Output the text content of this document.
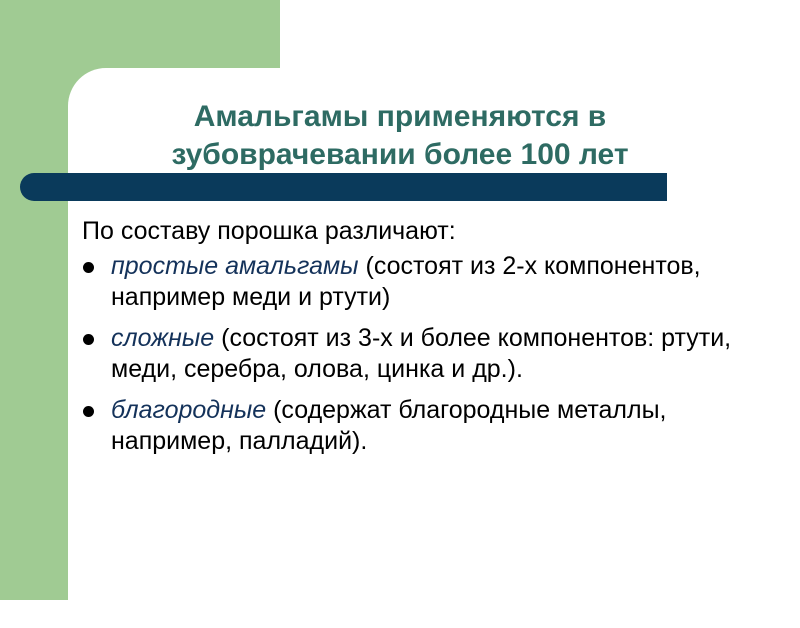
Амальгамы применяются в
зубоврачевании более 100 лет

По составу порошка различают:

простые амальгамы (состоят из 2-х компонентов, например меди и ртути)
сложные (состоят из 3-х и более компонентов: ртути, меди, серебра, олова, цинка и др.).
благородные (содержат благородные металлы, например, палладий).
